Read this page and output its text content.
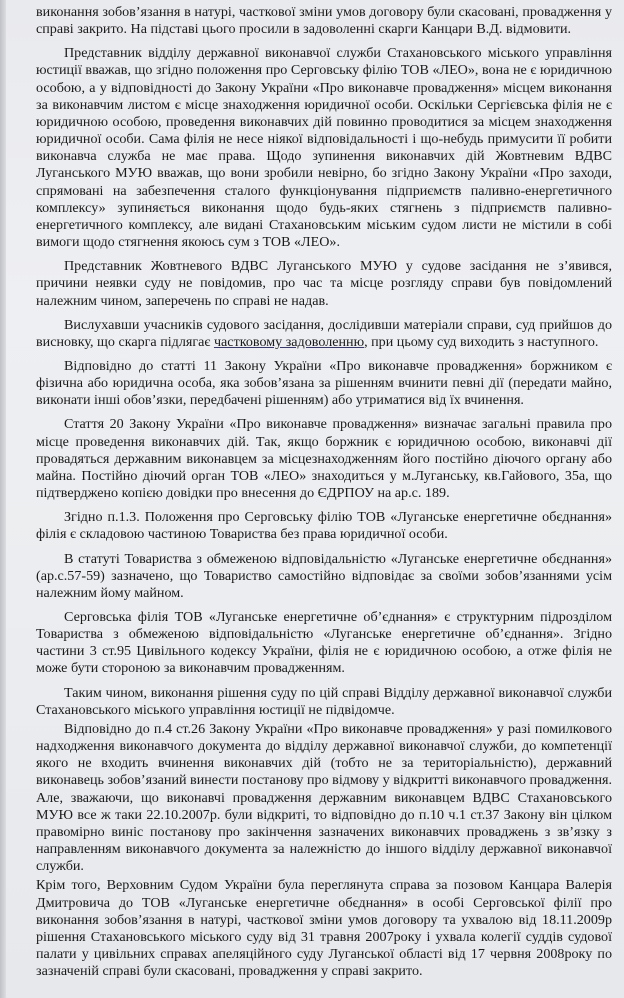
виконання зобов’язання в натурі, часткової зміни умов договору були скасовані, провадження у справі закрито. На підставі цього просили в задоволенні скарги Канцари В.Д. відмовити.

Представник відділу державної виконавчої служби Стахановського міського управління юстиції вважав, що згідно положення про Серговську філію ТОВ «ЛЕО», вона не є юридичною особою, а у відповідності до Закону України «Про виконавче провадження» місцем виконання за виконавчим листом є місце знаходження юридичної особи. Оскільки Сергієвська філія не є юридичною особою, проведення виконавчих дій повинно проводитися за місцем знаходження юридичної особи. Сама філія не несе ніякої відповідальності і що-небудь примусити її робити виконавча служба не має права. Щодо зупинення виконавчих дій Жовтневим ВДВС Луганського МУЮ вважав, що вони зробили невірно, бо згідно Закону України «Про заходи, спрямовані на забезпечення сталого функціонування підприємств паливно-енергетичного комплексу» зупиняється виконання щодо будь-яких стягнень з підприємств паливно-енергетичного комплексу, але видані Стахановським міським судом листи не містили в собі вимоги щодо стягнення якоюсь сум з ТОВ «ЛЕО».

Представник Жовтневого ВДВС Луганського МУЮ у судове засідання не з’явився, причини неявки суду не повідомив, про час та місце розгляду справи був повідомлений належним чином, заперечень по справі не надав.

Вислухавши учасників судового засідання, дослідивши матеріали справи, суд прийшов до висновку, що скарга підлягає частковому задоволенню, при цьому суд виходить з наступного.

Відповідно до статті 11 Закону України «Про виконавче провадження» боржником є фізична або юридична особа, яка зобов’язана за рішенням вчинити певні дії (передати майно, виконати інші обов’язки, передбачені рішенням) або утриматися від їх вчинення.

Стаття 20 Закону України «Про виконавче провадження» визначає загальні правила про місце проведення виконавчих дій. Так, якщо боржник є юридичною особою, виконавчі дії провадяться державним виконавцем за місцезнаходженням його постійно діючого органу або майна. Постійно діючий орган ТОВ «ЛЕО» знаходиться у м.Луганську, кв.Гайового, 35а, що підтверджено копією довідки про внесення до ЄДРПОУ на ар.с. 189.

Згідно п.1.3. Положення про Серговську філію ТОВ «Луганське енергетичне обєднання» філія є складовою частиною Товариства без права юридичної особи.

В статуті Товариства з обмеженою відповідальністю «Луганське енергетичне обєднання» (ар.с.57-59) зазначено, що Товариство самостійно відповідає за своїми зобов’язаннями усім належним йому майном.

Серговська філія ТОВ «Луганське енергетичне об’єднання» є структурним підрозділом Товариства з обмеженою відповідальністю «Луганське енергетичне об’єднання». Згідно частини 3 ст.95 Цивільного кодексу України, філія не є юридичною особою, а отже філія не може бути стороною за виконавчим провадженням.

Таким чином, виконання рішення суду по цій справі Відділу державної виконавчої служби Стахановського міського управління юстиції не підвідомче.

Відповідно до п.4 ст.26 Закону України «Про виконавче провадження» у разі помилкового надходження виконавчого документа до відділу державної виконавчої служби, до компетенції якого не входить вчинення виконавчих дій (тобто не за територіальністю), державний виконавець зобов’язаний винести постанову про відмову у відкритті виконавчого провадження. Але, зважаючи, що виконавчі провадження державним виконавцем ВДВС Стахановського МУЮ все ж таки 22.10.2007р. були відкриті, то відповідно до п.10 ч.1 ст.37 Закону він цілком правомірно виніс постанову про закінчення зазначених виконавчих проваджень з зв’язку з направленням виконавчого документа за належністю до іншого відділу державної виконавчої служби.

Крім того, Верховним Судом України була переглянута справа за позовом Канцара Валерія Дмитровича до ТОВ «Луганське енергетичне обєднання» в особі Серговської філії про виконання зобов’язання в натурі, часткової зміни умов договору та ухвалою від 18.11.2009р рішення Стахановського міського суду від 31 травня 2007року і ухвала колегії суддів судової палати у цивільних справах апеляційного суду Луганської області від 17 червня 2008року по зазначеній справі були скасовані, провадження у справі закрито.
